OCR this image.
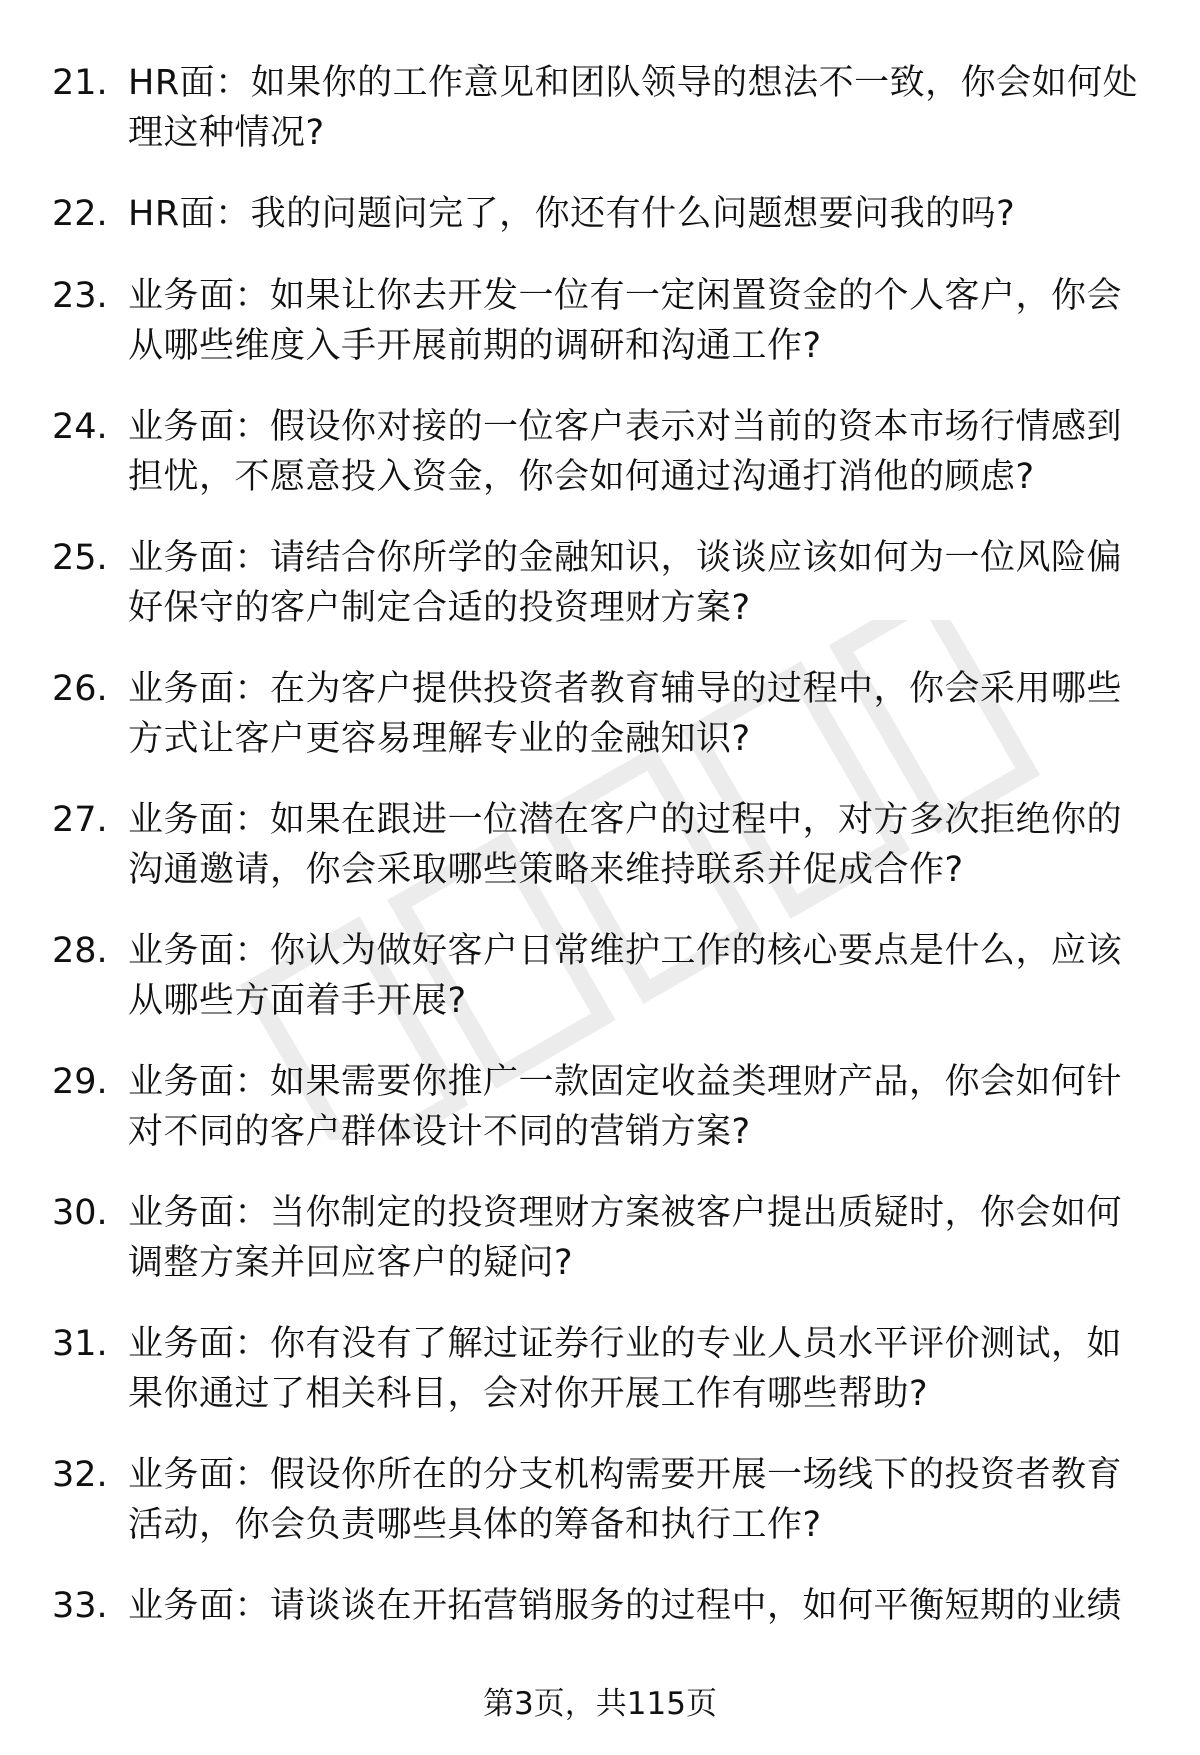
21. HR面：如果你的工作意见和团队领导的想法不一致，你会如何处理这种情况?
22. HR面：我的问题问完了，你还有什么问题想要问我的吗?
23. 业务面：如果让你去开发一位有一定闲置资金的个人客户，你会从哪些维度入手开展前期的调研和沟通工作?
24. 业务面：假设你对接的一位客户表示对当前的资本市场行情感到担忧，不愿意投入资金，你会如何通过沟通打消他的顾虑?
25. 业务面：请结合你所学的金融知识，谈谈应该如何为一位风险偏好保守的客户制定合适的投资理财方案?
26. 业务面：在为客户提供投资者教育辅导的过程中，你会采用哪些方式让客户更容易理解专业的金融知识?
27. 业务面：如果在跟进一位潜在客户的过程中，对方多次拒绝你的沟通邀请，你会采取哪些策略来维持联系并促成合作?
28. 业务面：你认为做好客户日常维护工作的核心要点是什么，应该从哪些方面着手开展?
29. 业务面：如果需要你推广一款固定收益类理财产品，你会如何针对不同的客户群体设计不同的营销方案?
30. 业务面：当你制定的投资理财方案被客户提出质疑时，你会如何调整方案并回应客户的疑问?
31. 业务面：你有没有了解过证券行业的专业人员水平评价测试，如果你通过了相关科目，会对你开展工作有哪些帮助?
32. 业务面：假设你所在的分支机构需要开展一场线下的投资者教育活动，你会负责哪些具体的筹备和执行工作?
33. 业务面：请谈谈在开拓营销服务的过程中，如何平衡短期的业绩
第3页，共115页
